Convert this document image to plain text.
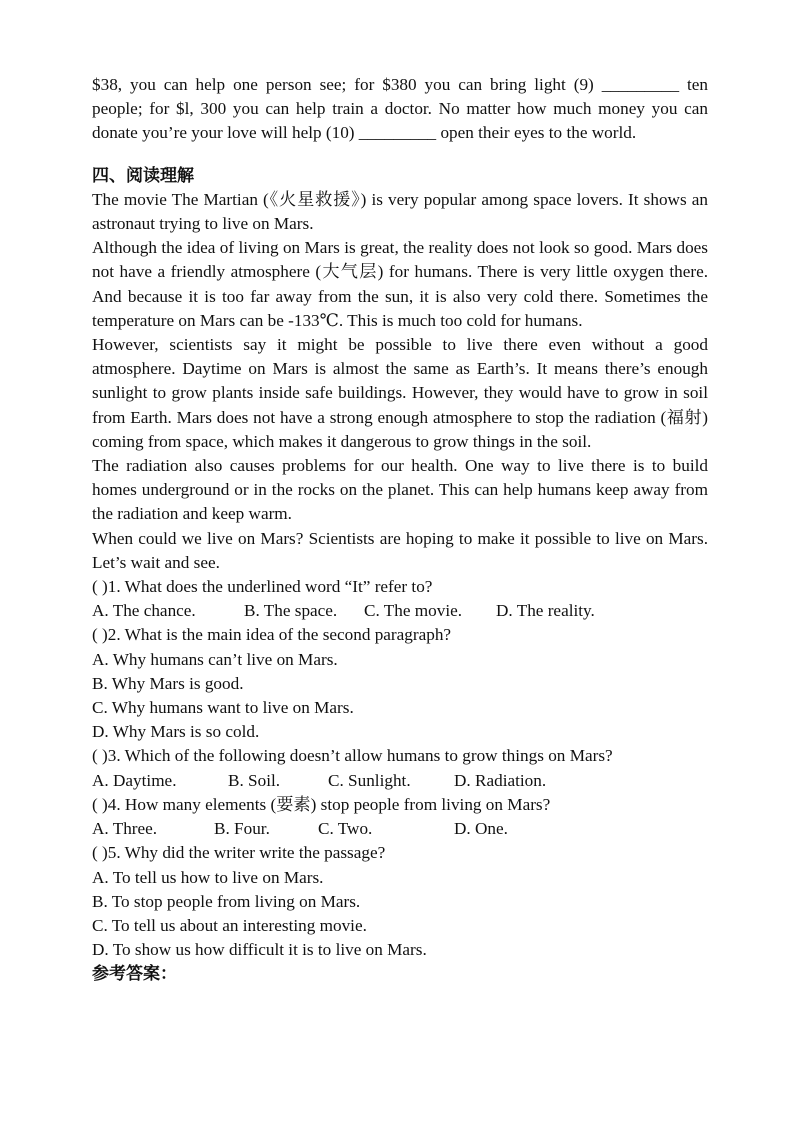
$38, you can help one person see; for $380 you can bring light (9) _________ ten people; for $l, 300 you can help train a doctor. No matter how much money you can donate you’re your love will help (10) _________ open their eyes to the world.

四、阅读理解

The movie The Martian (《火星救援》) is very popular among space lovers. It shows an astronaut trying to live on Mars.

Although the idea of living on Mars is great, the reality does not look so good. Mars does not have a friendly atmosphere (大气层) for humans. There is very little oxygen there. And because it is too far away from the sun, it is also very cold there. Sometimes the temperature on Mars can be -133℃. This is much too cold for humans.

However, scientists say it might be possible to live there even without a good atmosphere. Daytime on Mars is almost the same as Earth’s. It means there’s enough sunlight to grow plants inside safe buildings. However, they would have to grow in soil from Earth. Mars does not have a strong enough atmosphere to stop the radiation (福射) coming from space, which makes it dangerous to grow things in the soil.

The radiation also causes problems for our health. One way to live there is to build homes underground or in the rocks on the planet. This can help humans keep away from the radiation and keep warm.

When could we live on Mars? Scientists are hoping to make it possible to live on Mars. Let’s wait and see.

( )1. What does the underlined word “It” refer to?

A. The chance.	B. The space.	C. The movie.	D. The reality.

( )2. What is the main idea of the second paragraph?

A. Why humans can’t live on Mars.

B. Why Mars is good.

C. Why humans want to live on Mars.

D. Why Mars is so cold.

( )3. Which of the following doesn’t allow humans to grow things on Mars?

A. Daytime.	B. Soil.	C. Sunlight.	D. Radiation.

( )4. How many elements (要素) stop people from living on Mars?

A. Three.	B. Four.	C. Two.	D. One.

( )5. Why did the writer write the passage?

A. To tell us how to live on Mars.

B. To stop people from living on Mars.

C. To tell us about an interesting movie.

D. To show us how difficult it is to live on Mars.

参考答案：
